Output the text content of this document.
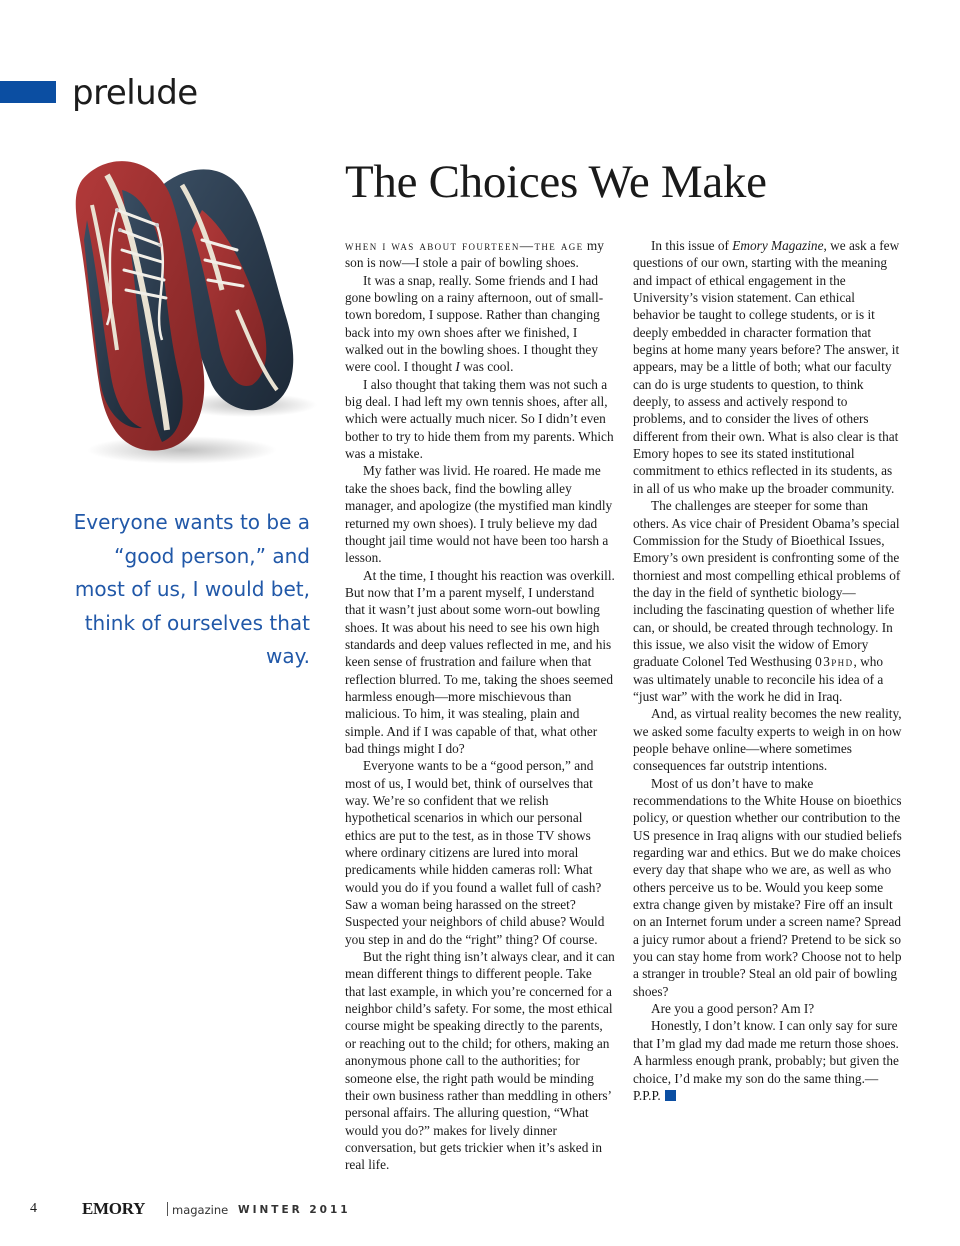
prelude
The Choices We Make
Everyone wants to be a “good person,” and most of us, I would bet, think of ourselves that way.

when i was about fourteen—the age my son is now—I stole a pair of bowling shoes.

It was a snap, really. Some friends and I had gone bowling on a rainy afternoon, out of small-town boredom, I suppose. Rather than changing back into my own shoes after we finished, I walked out in the bowling shoes. I thought they were cool. I thought I was cool.

I also thought that taking them was not such a big deal. I had left my own tennis shoes, after all, which were actually much nicer. So I didn’t even bother to try to hide them from my parents. Which was a mistake.

My father was livid. He roared. He made me take the shoes back, find the bowling alley manager, and apologize (the mystified man kindly returned my own shoes). I truly believe my dad thought jail time would not have been too harsh a lesson.

At the time, I thought his reaction was overkill. But now that I’m a parent myself, I understand that it wasn’t just about some worn-out bowling shoes. It was about his need to see his own high standards and deep values reflected in me, and his keen sense of frustration and failure when that reflection blurred. To me, taking the shoes seemed harmless enough—more mischievous than malicious. To him, it was stealing, plain and simple. And if I was capable of that, what other bad things might I do?

Everyone wants to be a “good person,” and most of us, I would bet, think of ourselves that way. We’re so confident that we relish hypothetical scenarios in which our personal ethics are put to the test, as in those TV shows where ordinary citizens are lured into moral predicaments while hidden cameras roll: What would you do if you found a wallet full of cash? Saw a woman being harassed on the street? Suspected your neighbors of child abuse? Would you step in and do the “right” thing? Of course.

But the right thing isn’t always clear, and it can mean different things to different people. Take that last example, in which you’re concerned for a neighbor child’s safety. For some, the most ethical course might be speaking directly to the parents, or reaching out to the child; for others, making an anonymous phone call to the authorities; for someone else, the right path would be minding their own business rather than meddling in others’ personal affairs. The alluring question, “What would you do?” makes for lively dinner conversation, but gets trickier when it’s asked in real life.

In this issue of Emory Magazine, we ask a few questions of our own, starting with the meaning and impact of ethical engagement in the University’s vision statement. Can ethical behavior be taught to college students, or is it deeply embedded in character formation that begins at home many years before? The answer, it appears, may be a little of both; what our faculty can do is urge students to question, to think deeply, to assess and actively respond to problems, and to consider the lives of others different from their own. What is also clear is that Emory hopes to see its stated institutional commitment to ethics reflected in its students, as in all of us who make up the broader community.

The challenges are steeper for some than others. As vice chair of President Obama’s special Commission for the Study of Bioethical Issues, Emory’s own president is confronting some of the thorniest and most compelling ethical problems of the day in the field of synthetic biology—including the fascinating question of whether life can, or should, be created through technology. In this issue, we also visit the widow of Emory graduate Colonel Ted Westhusing 03phd, who was ultimately unable to reconcile his idea of a “just war” with the work he did in Iraq.

And, as virtual reality becomes the new reality, we asked some faculty experts to weigh in on how people behave online—where sometimes consequences far outstrip intentions.

Most of us don’t have to make recommendations to the White House on bioethics policy, or question whether our contribution to the US presence in Iraq aligns with our studied beliefs regarding war and ethics. But we do make choices every day that shape who we are, as well as who others perceive us to be. Would you keep some extra change given by mistake? Fire off an insult on an Internet forum under a screen name? Spread a juicy rumor about a friend? Pretend to be sick so you can stay home from work? Choose not to help a stranger in trouble? Steal an old pair of bowling shoes?

Are you a good person? Am I?

Honestly, I don’t know. I can only say for sure that I’m glad my dad made me return those shoes. A harmless enough prank, probably; but given the choice, I’d make my son do the same thing.—P.P.P.

4	EMORY magazine WINTER 2011
